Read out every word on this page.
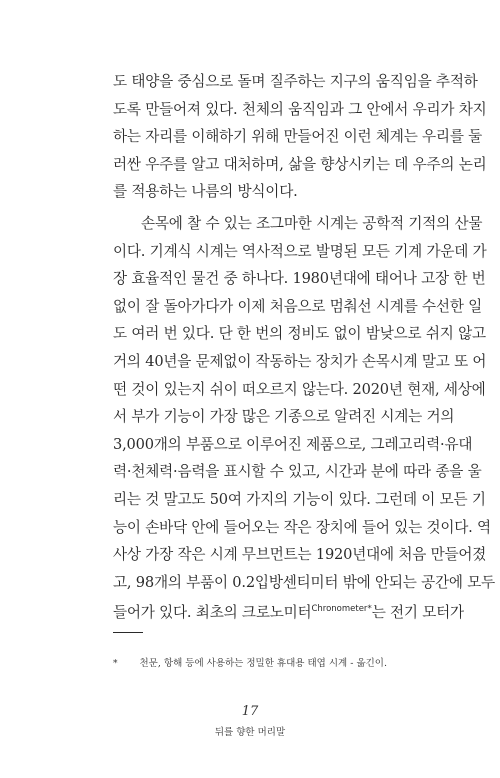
도 태양을 중심으로 돌며 질주하는 지구의 움직임을 추적하
도록 만들어져 있다. 천체의 움직임과 그 안에서 우리가 차지
하는 자리를 이해하기 위해 만들어진 이런 체계는 우리를 둘
러싼 우주를 알고 대처하며, 삶을 향상시키는 데 우주의 논리
를 적용하는 나름의 방식이다.
손목에 찰 수 있는 조그마한 시계는 공학적 기적의 산물
이다. 기계식 시계는 역사적으로 발명된 모든 기계 가운데 가
장 효율적인 물건 중 하나다. 1980년대에 태어나 고장 한 번
없이 잘 돌아가다가 이제 처음으로 멈춰선 시계를 수선한 일
도 여러 번 있다. 단 한 번의 정비도 없이 밤낮으로 쉬지 않고
거의 40년을 문제없이 작동하는 장치가 손목시계 말고 또 어
떤 것이 있는지 쉬이 떠오르지 않는다. 2020년 현재, 세상에
서 부가 기능이 가장 많은 기종으로 알려진 시계는 거의
3,000개의 부품으로 이루어진 제품으로, 그레고리력·유대
력·천체력·음력을 표시할 수 있고, 시간과 분에 따라 종을 울
리는 것 말고도 50여 가지의 기능이 있다. 그런데 이 모든 기
능이 손바닥 안에 들어오는 작은 장치에 들어 있는 것이다. 역
사상 가장 작은 시계 무브먼트는 1920년대에 처음 만들어졌
고, 98개의 부품이 0.2입방센티미터 밖에 안되는 공간에 모두
들어가 있다. 최초의 크로노미터$^{Chronometer*}$는 전기 모터가
* 천문, 항해 등에 사용하는 정밀한 휴대용 태엽 시계 - 옮긴이.
17
뒤를 향한 머리말
